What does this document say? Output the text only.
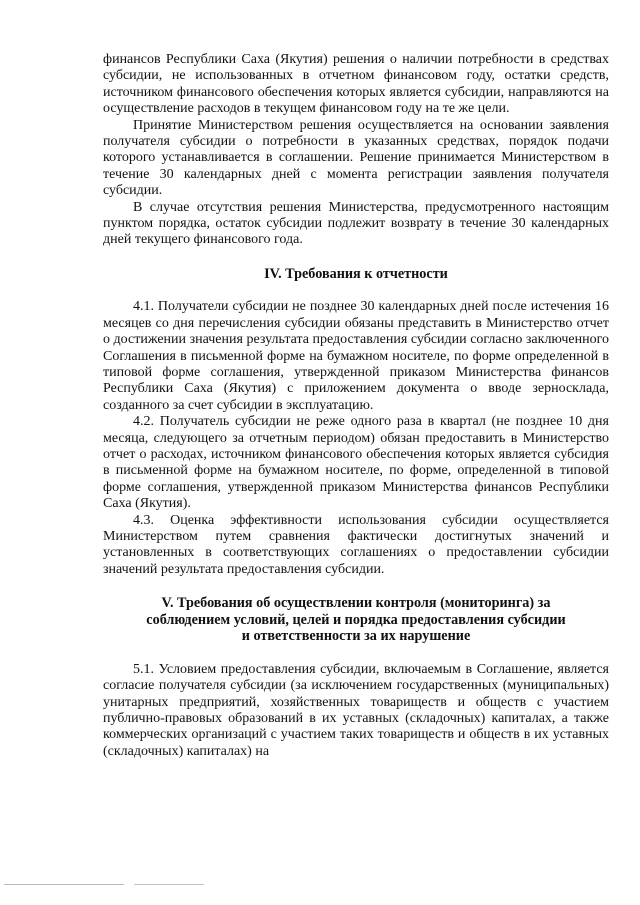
финансов Республики Саха (Якутия) решения о наличии потребности в средствах субсидии, не использованных в отчетном финансовом году, остатки средств, источником финансового обеспечения которых является субсидии, направляются на осуществление расходов в текущем финансовом году на те же цели.

Принятие Министерством решения осуществляется на основании заявления получателя субсидии о потребности в указанных средствах, порядок подачи которого устанавливается в соглашении. Решение принимается Министерством в течение 30 календарных дней с момента регистрации заявления получателя субсидии.

В случае отсутствия решения Министерства, предусмотренного настоящим пунктом порядка, остаток субсидии подлежит возврату в течение 30 календарных дней текущего финансового года.

IV. Требования к отчетности

4.1. Получатели субсидии не позднее 30 календарных дней после истечения 16 месяцев со дня перечисления субсидии обязаны представить в Министерство отчет о достижении значения результата предоставления субсидии согласно заключенного Соглашения в письменной форме на бумажном носителе, по форме определенной в типовой форме соглашения, утвержденной приказом Министерства финансов Республики Саха (Якутия) с приложением документа о вводе зерносклада, созданного за счет субсидии в эксплуатацию.

4.2. Получатель субсидии не реже одного раза в квартал (не позднее 10 дня месяца, следующего за отчетным периодом) обязан предоставить в Министерство отчет о расходах, источником финансового обеспечения которых является субсидия в письменной форме на бумажном носителе, по форме, определенной в типовой форме соглашения, утвержденной приказом Министерства финансов Республики Саха (Якутия).

4.3. Оценка эффективности использования субсидии осуществляется Министерством путем сравнения фактически достигнутых значений и установленных в соответствующих соглашениях о предоставлении субсидии значений результата предоставления субсидии.

V. Требования об осуществлении контроля (мониторинга) за

соблюдением условий, целей и порядка предоставления субсидии

и ответственности за их нарушение

5.1. Условием предоставления субсидии, включаемым в Соглашение, является согласие получателя субсидии (за исключением государственных (муниципальных) унитарных предприятий, хозяйственных товариществ и обществ с участием публично-правовых образований в их уставных (складочных) капиталах, а также коммерческих организаций с участием таких товариществ и обществ в их уставных (складочных) капиталах) на
